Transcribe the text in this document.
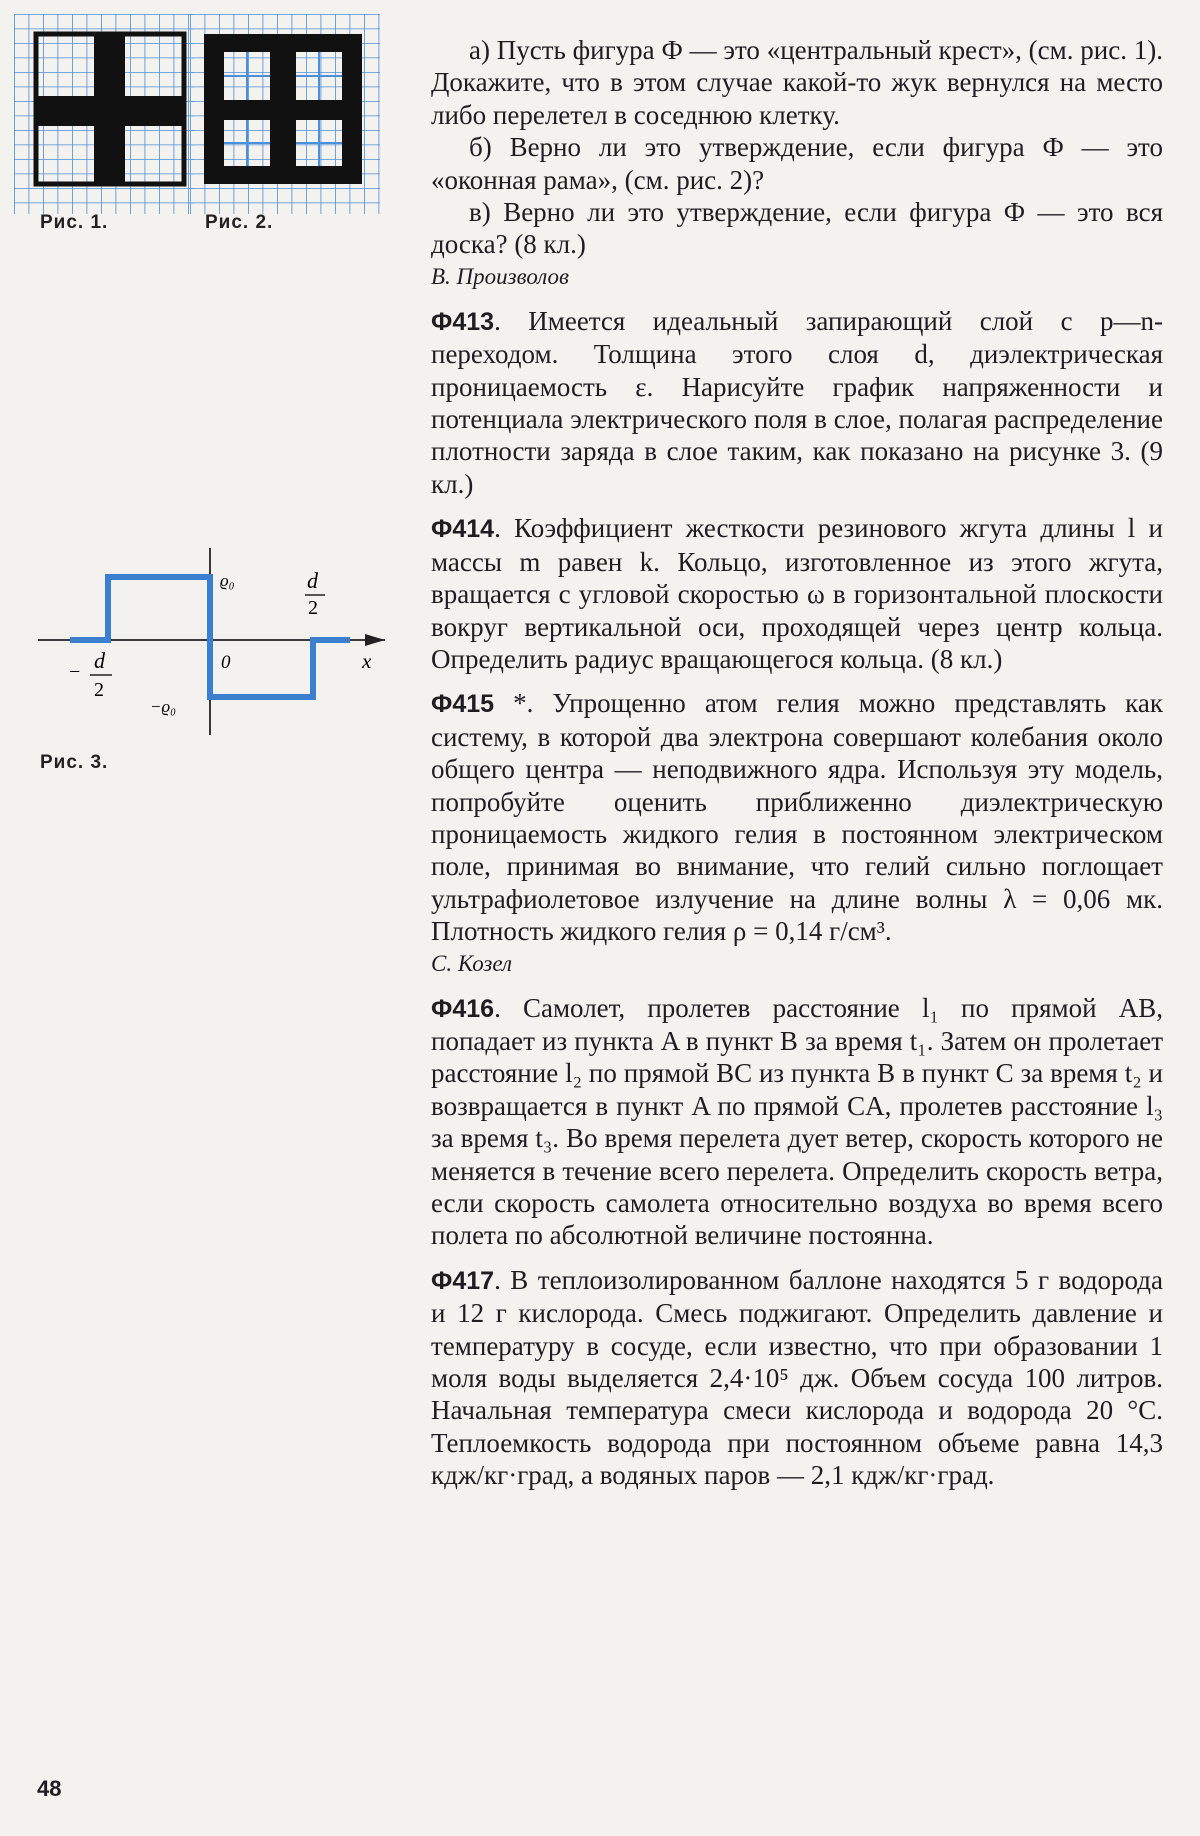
Рис. 1.	Рис. 2.
ϱ₀
−ϱ₀
0	x
d
2
− d
2
Рис. 3.

а) Пусть фигура Ф — это «центральный крест», (см. рис. 1). Докажите, что в этом случае какой-то жук вернулся на место либо перелетел в соседнюю клетку.

б) Верно ли это утверждение, если фигура Ф — это «оконная рама», (см. рис. 2)?

в) Верно ли это утверждение, если фигура Ф — это вся доска? (8 кл.)

В. Произволов

Ф413. Имеется идеальный запирающий слой с p—n-переходом. Толщина этого слоя d, диэлектрическая проницаемость ε. Нарисуйте график напряженности и потенциала электрического поля в слое, полагая распределение плотности заряда в слое таким, как показано на рисунке 3. (9 кл.)

Ф414. Коэффициент жесткости резинового жгута длины l и массы m равен k. Кольцо, изготовленное из этого жгута, вращается с угловой скоростью ω в горизонтальной плоскости вокруг вертикальной оси, проходящей через центр кольца. Определить радиус вращающегося кольца. (8 кл.)

Ф415 *. Упрощенно атом гелия можно представлять как систему, в которой два электрона совершают колебания около общего центра — неподвижного ядра. Используя эту модель, попробуйте оценить приближенно диэлектрическую проницаемость жидкого гелия в постоянном электрическом поле, принимая во внимание, что гелий сильно поглощает ультрафиолетовое излучение на длине волны λ = 0,06 мк. Плотность жидкого гелия ρ = 0,14 г/см³.

С. Козел

Ф416. Самолет, пролетев расстояние l₁ по прямой AB, попадает из пункта A в пункт B за время t₁. Затем он пролетает расстояние l₂ по прямой BC из пункта B в пункт C за время t₂ и возвращается в пункт A по прямой CA, пролетев расстояние l₃ за время t₃. Во время перелета дует ветер, скорость которого не меняется в течение всего перелета. Определить скорость ветра, если скорость самолета относительно воздуха во время всего полета по абсолютной величине постоянна.

Ф417. В теплоизолированном баллоне находятся 5 г водорода и 12 г кислорода. Смесь поджигают. Определить давление и температуру в сосуде, если известно, что при образовании 1 моля воды выделяется 2,4·10⁵ дж. Объем сосуда 100 литров. Начальная температура смеси кислорода и водорода 20 °С. Теплоемкость водорода при постоянном объеме равна 14,3 кдж/кг·град, а водяных паров — 2,1 кдж/кг·град.

48
